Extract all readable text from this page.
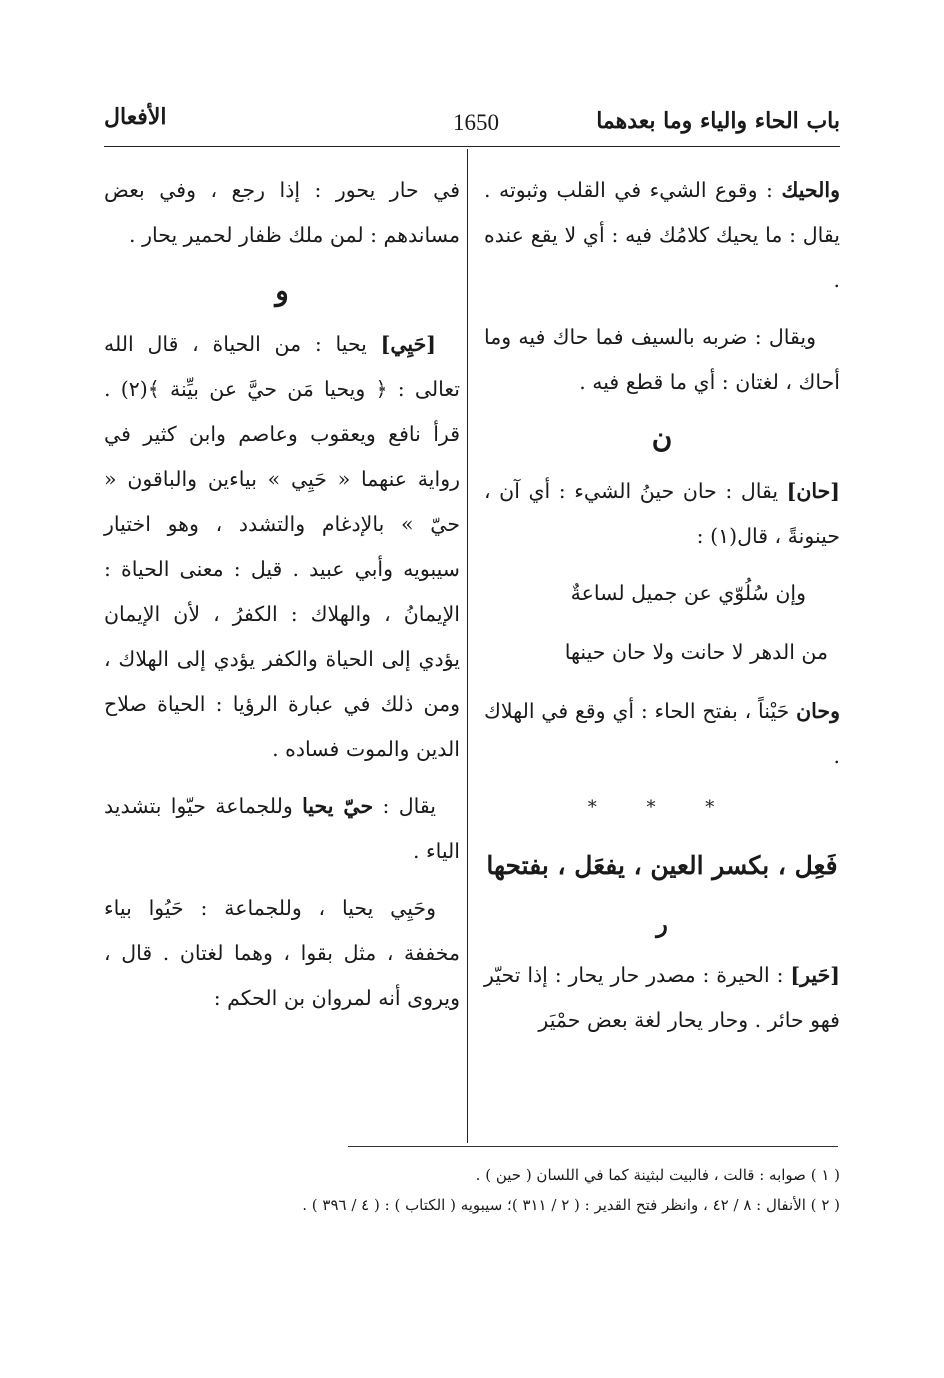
باب الحاء والياء وما بعدهما
1650
الأفعال

والحيك : وقوع الشيء في القلب وثبوته . يقال : ما يحيك كلامُك فيه : أي لا يقع عنده .

ويقال : ضربه بالسيف فما حاك فيه وما أحاك ، لغتان : أي ما قطع فيه .

ن

[حان] يقال : حان حينُ الشيء : أي آن ، حينونةً ، قال(١) :

وإن سُلُوّي عن جميل لساعةٌ
من الدهر لا حانت ولا حان حينها

وحان حَيْناً ، بفتح الحاء : أي وقع في الهلاك .

* * *
فَعِل ، بكسر العين ، يفعَل ، بفتحها
ر

[حَير] : الحيرة : مصدر حار يحار : إذا تحيّر فهو حائر . وحار يحار لغة بعض حمْيَر

في حار يحور : إذا رجع ، وفي بعض مسانده‍م : لمن ملك ظفار لحمير يحار .

و

[حَيِي] يحيا : من الحياة ، قال الله تعالى : ﴿ ويحيا مَن حيَّ عن بيِّنة ﴾(٢) . قرأ نافع ويعقوب وعاصم وابن كثير في رواية عنهما « حَيِي » بياءين والباقون « حيّ » بالإدغام والتشدد ، وهو اختيار سيبويه وأبي عبيد . قيل : معنى الحياة : الإيمانُ ، والهلاك : الكفرُ ، لأن الإيمان يؤدي إلى الحياة والكفر يؤدي إلى الهلاك ، ومن ذلك في عبارة الرؤيا : الحياة صلاح الدين والموت فساده .

يقال : حيّ يحيا وللجماعة حيّوا بتشديد الياء .

وحَيِي يحيا ، وللجماعة : حَيُوا بياء مخففة ، مثل بقوا ، وهما لغتان . قال ، ويروى أنه لمروان بن الحكم :

( ١ ) صوابه : قالت ، فالبيت لبثينة كما في اللسان ( حين ) .
( ٢ ) الأنفال : ٨ / ٤٢ ، وانظر فتح القدير : ( ٢ / ٣١١ )؛ سيبويه ( الكتاب ) : ( ٤ / ٣٩٦ ) .
